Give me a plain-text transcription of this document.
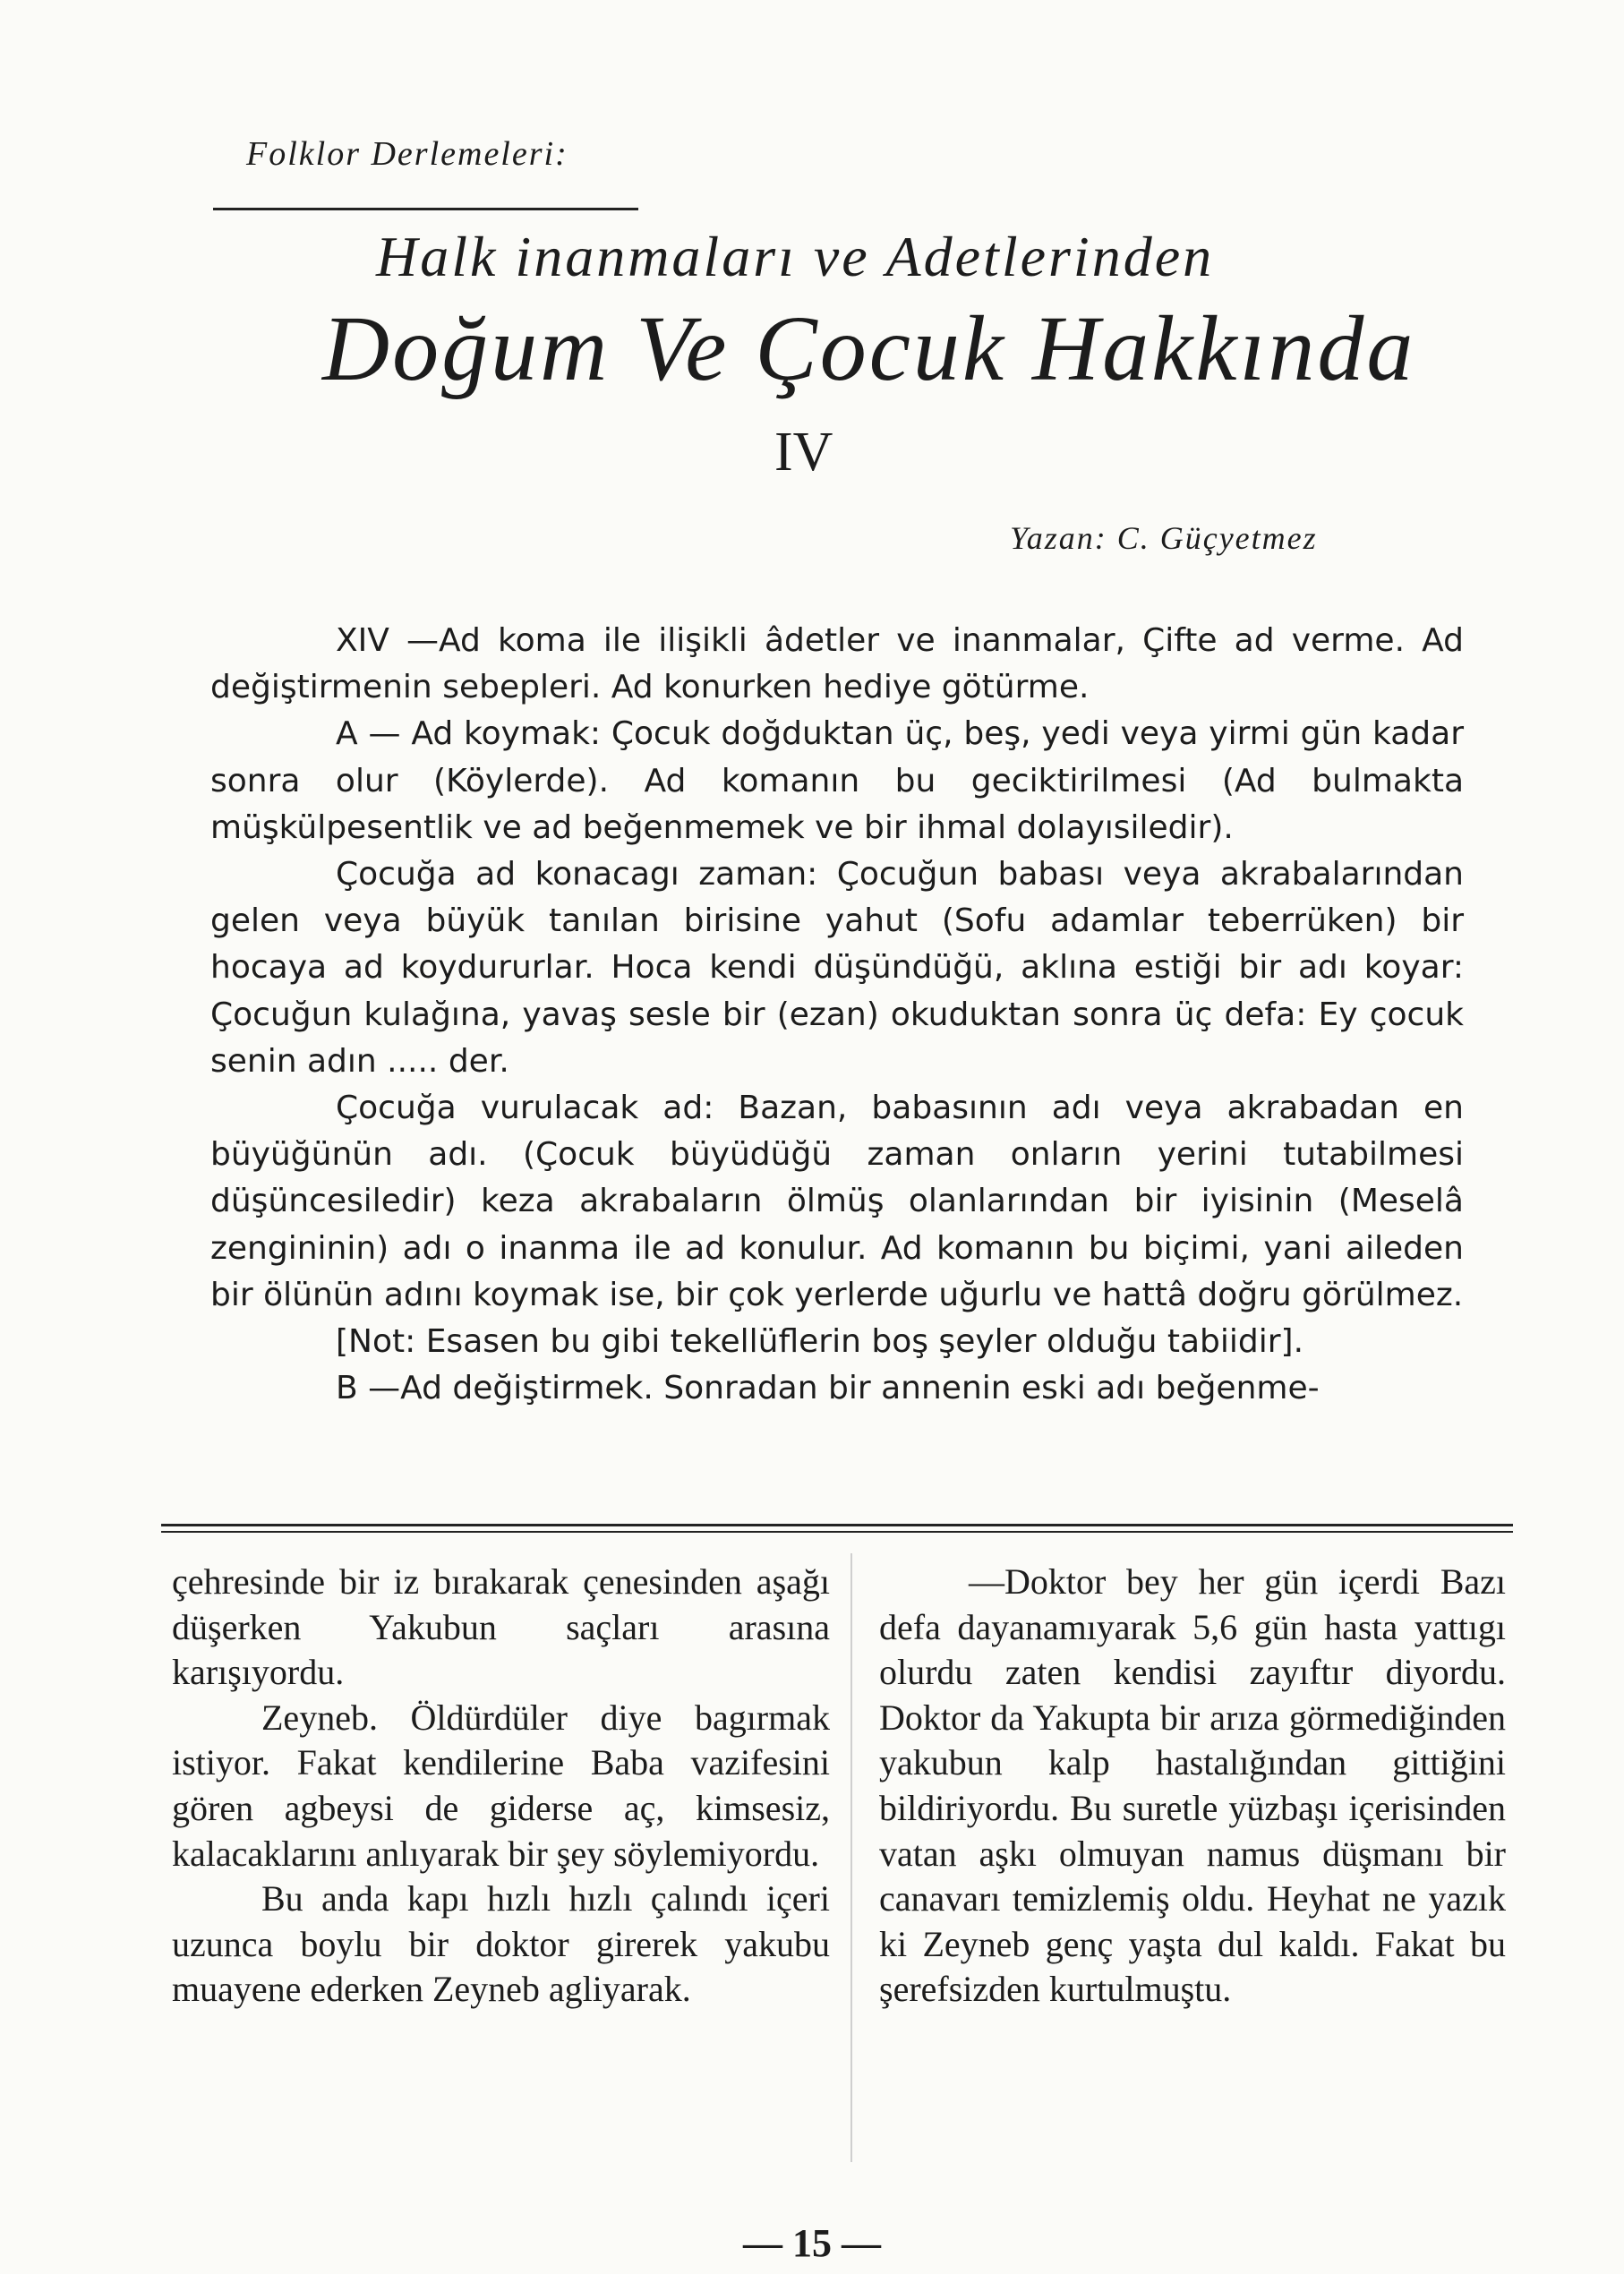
Folklor Derlemeleri:
Halk inanmaları ve Adetlerinden
Doğum Ve Çocuk Hakkında
IV
Yazan: C. Güçyetmez

XIV —Ad koma ile ilişikli âdetler ve inanmalar, Çifte ad verme. Ad değiştirmenin sebepleri. Ad konurken hediye götürme.

A — Ad koymak: Çocuk doğduktan üç, beş, yedi veya yirmi gün kadar sonra olur (Köylerde). Ad komanın bu geciktirilmesi (Ad bulmakta müşkülpesentlik ve ad beğenmemek ve bir ihmal dolayısiledir).

Çocuğa ad konacagı zaman: Çocuğun babası veya akrabalarından gelen veya büyük tanılan birisine yahut (Sofu adamlar teberrüken) bir hocaya ad koydururlar. Hoca kendi düşündüğü, aklına estiği bir adı koyar: Çocuğun kulağına, yavaş sesle bir (ezan) okuduktan sonra üç defa: Ey çocuk senin adın ..... der.

Çocuğa vurulacak ad: Bazan, babasının adı veya akrabadan en büyüğünün adı. (Çocuk büyüdüğü zaman onların yerini tutabilmesi düşüncesiledir) keza akrabaların ölmüş olanlarından bir iyisinin (Meselâ zengininin) adı o inanma ile ad konulur. Ad komanın bu biçimi, yani aileden bir ölünün adını koymak ise, bir çok yerlerde uğurlu ve hattâ doğru görülmez.

[Not: Esasen bu gibi tekellüflerin boş şeyler olduğu tabiidir].

B —Ad değiştirmek. Sonradan bir annenin eski adı beğenme-

çehresinde bir iz bırakarak çenesinden aşağı düşerken Yakubun saçları arasına karışıyordu.

Zeyneb. Öldürdüler diye bagırmak istiyor. Fakat kendilerine Baba vazifesini gören agbeysi de giderse aç, kimsesiz, kalacaklarını anlıyarak bir şey söylemiyordu.

Bu anda kapı hızlı hızlı çalındı içeri uzunca boylu bir doktor girerek yakubu muayene ederken Zeyneb agliyarak.

—Doktor bey her gün içerdi Bazı defa dayanamıyarak 5,6 gün hasta yattıgı olurdu zaten kendisi zayıftır diyordu. Doktor da Yakupta bir arıza görmediğinden yakubun kalp hastalığından gittiğini bildiriyordu. Bu suretle yüzbaşı içerisinden vatan aşkı olmuyan namus düşmanı bir canavarı temizlemiş oldu. Heyhat ne yazık ki Zeyneb genç yaşta dul kaldı. Fakat bu şerefsizden kurtulmuştu.

— 15 —
